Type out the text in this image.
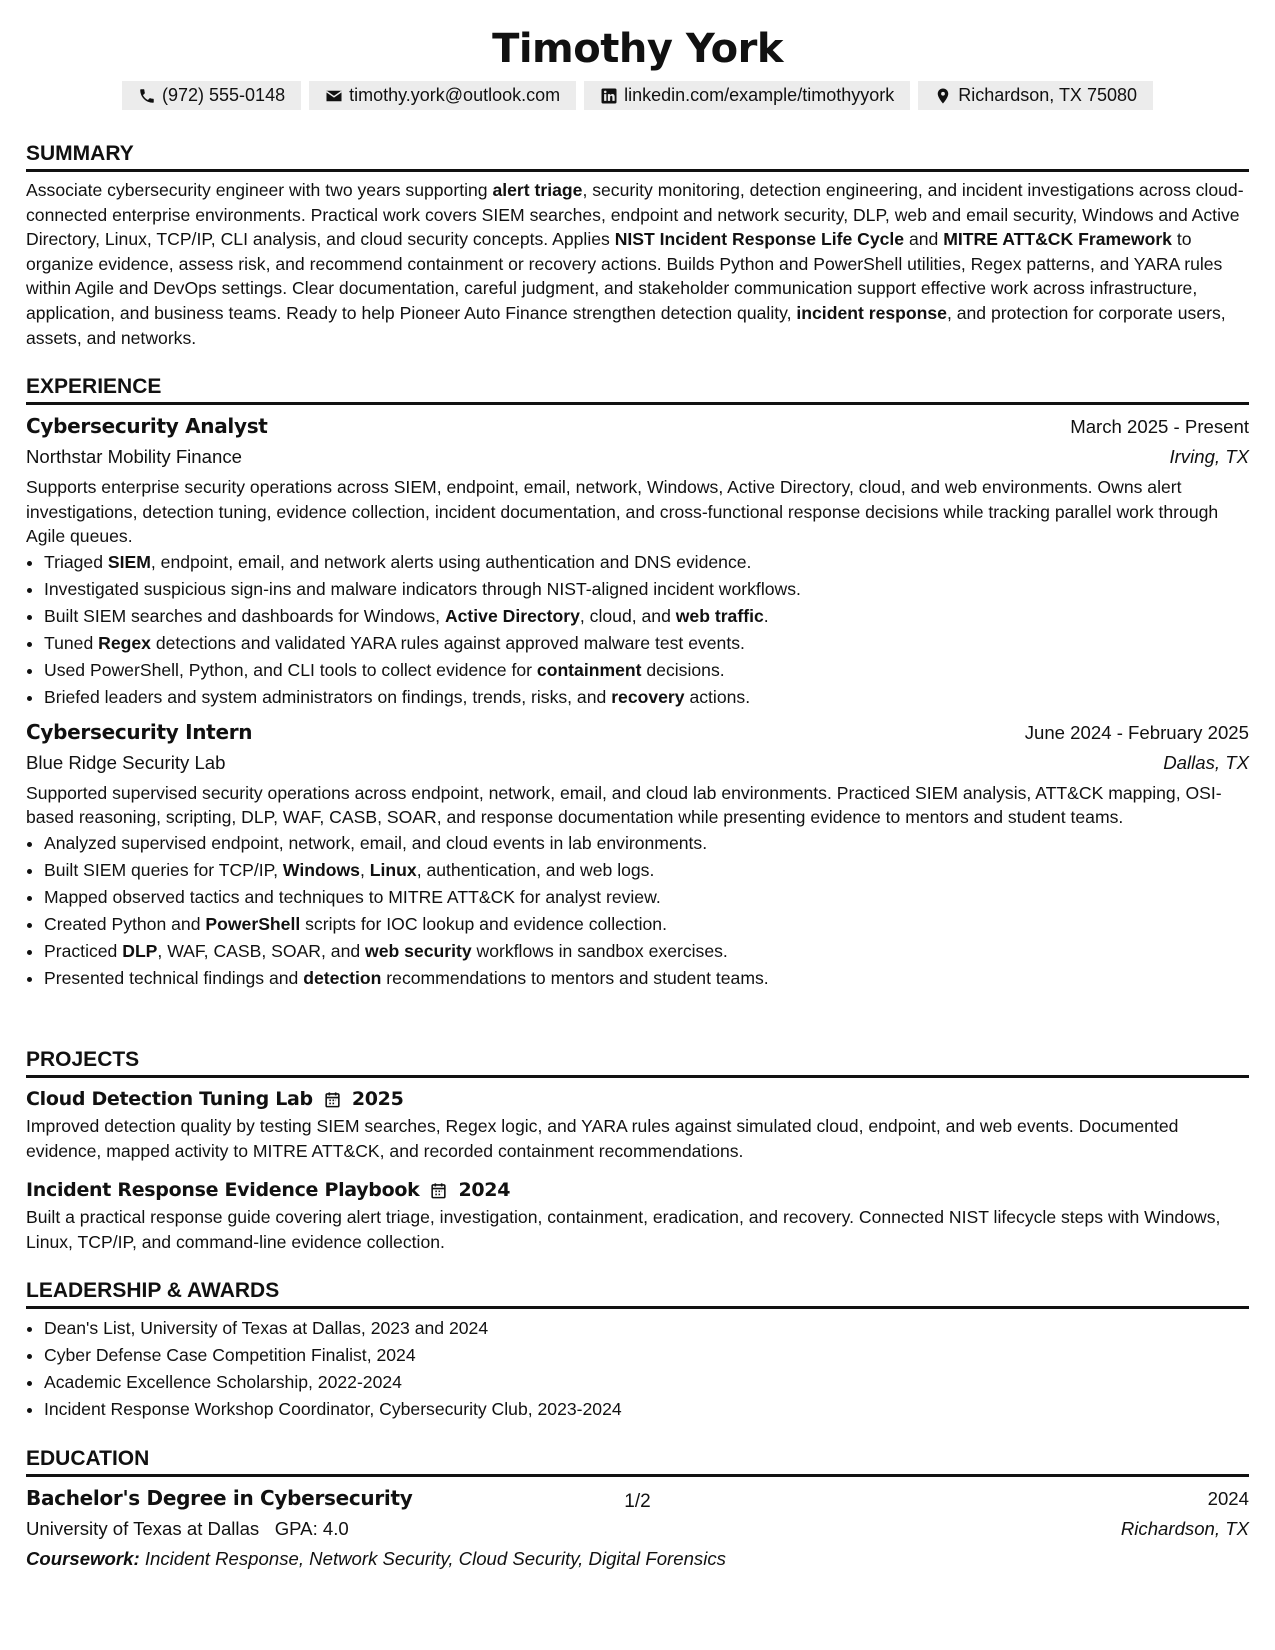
Timothy York
(972) 555-0148	timothy.york@outlook.com	linkedin.com/example/timothyyork	Richardson, TX 75080
SUMMARY

Associate cybersecurity engineer with two years supporting alert triage, security monitoring, detection engineering, and incident investigations across cloud-connected enterprise environments. Practical work covers SIEM searches, endpoint and network security, DLP, web and email security, Windows and Active Directory, Linux, TCP/IP, CLI analysis, and cloud security concepts. Applies NIST Incident Response Life Cycle and MITRE ATT&CK Framework to organize evidence, assess risk, and recommend containment or recovery actions. Builds Python and PowerShell utilities, Regex patterns, and YARA rules within Agile and DevOps settings. Clear documentation, careful judgment, and stakeholder communication support effective work across infrastructure, application, and business teams. Ready to help Pioneer Auto Finance strengthen detection quality, incident response, and protection for corporate users, assets, and networks.

EXPERIENCE
Cybersecurity Analyst	March 2025 - Present
Northstar Mobility Finance	Irving, TX

Supports enterprise security operations across SIEM, endpoint, email, network, Windows, Active Directory, cloud, and web environments. Owns alert investigations, detection tuning, evidence collection, incident documentation, and cross-functional response decisions while tracking parallel work through Agile queues.

• Triaged SIEM, endpoint, email, and network alerts using authentication and DNS evidence.
• Investigated suspicious sign-ins and malware indicators through NIST-aligned incident workflows.
• Built SIEM searches and dashboards for Windows, Active Directory, cloud, and web traffic.
• Tuned Regex detections and validated YARA rules against approved malware test events.
• Used PowerShell, Python, and CLI tools to collect evidence for containment decisions.
• Briefed leaders and system administrators on findings, trends, risks, and recovery actions.
Cybersecurity Intern	June 2024 - February 2025
Blue Ridge Security Lab	Dallas, TX

Supported supervised security operations across endpoint, network, email, and cloud lab environments. Practiced SIEM analysis, ATT&CK mapping, OSI-based reasoning, scripting, DLP, WAF, CASB, SOAR, and response documentation while presenting evidence to mentors and student teams.

• Analyzed supervised endpoint, network, email, and cloud events in lab environments.
• Built SIEM queries for TCP/IP, Windows, Linux, authentication, and web logs.
• Mapped observed tactics and techniques to MITRE ATT&CK for analyst review.
• Created Python and PowerShell scripts for IOC lookup and evidence collection.
• Practiced DLP, WAF, CASB, SOAR, and web security workflows in sandbox exercises.
• Presented technical findings and detection recommendations to mentors and student teams.
PROJECTS
Cloud Detection Tuning Lab 2025

Improved detection quality by testing SIEM searches, Regex logic, and YARA rules against simulated cloud, endpoint, and web events. Documented evidence, mapped activity to MITRE ATT&CK, and recorded containment recommendations.

Incident Response Evidence Playbook 2024

Built a practical response guide covering alert triage, investigation, containment, eradication, and recovery. Connected NIST lifecycle steps with Windows, Linux, TCP/IP, and command-line evidence collection.

LEADERSHIP & AWARDS
• Dean's List, University of Texas at Dallas, 2023 and 2024
• Cyber Defense Case Competition Finalist, 2024
• Academic Excellence Scholarship, 2022-2024
• Incident Response Workshop Coordinator, Cybersecurity Club, 2023-2024
EDUCATION
Bachelor's Degree in Cybersecurity	2024
University of Texas at Dallas GPA: 4.0	Richardson, TX
Coursework: Incident Response, Network Security, Cloud Security, Digital Forensics
1/2
